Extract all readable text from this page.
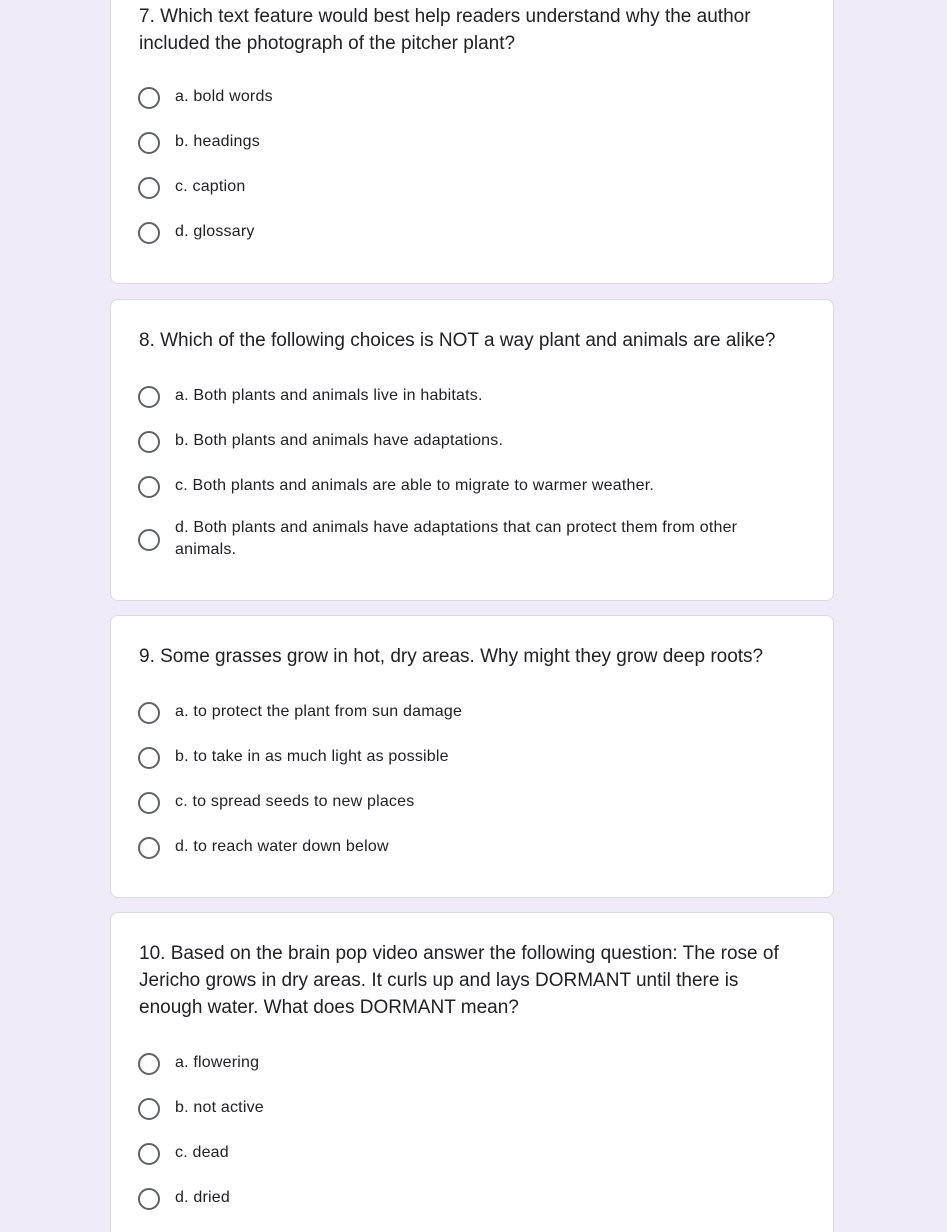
7. Which text feature would best help readers understand why the author included the photograph of the pitcher plant?
a. bold words
b. headings
c. caption
d. glossary
8. Which of the following choices is NOT a way plant and animals are alike?
a. Both plants and animals live in habitats.
b. Both plants and animals have adaptations.
c. Both plants and animals are able to migrate to warmer weather.
d. Both plants and animals have adaptations that can protect them from other animals.
9. Some grasses grow in hot, dry areas. Why might they grow deep roots?
a. to protect the plant from sun damage
b. to take in as much light as possible
c. to spread seeds to new places
d. to reach water down below
10. Based on the brain pop video answer the following question: The rose of Jericho grows in dry areas. It curls up and lays DORMANT until there is enough water. What does DORMANT mean?
a. flowering
b. not active
c. dead
d. dried
